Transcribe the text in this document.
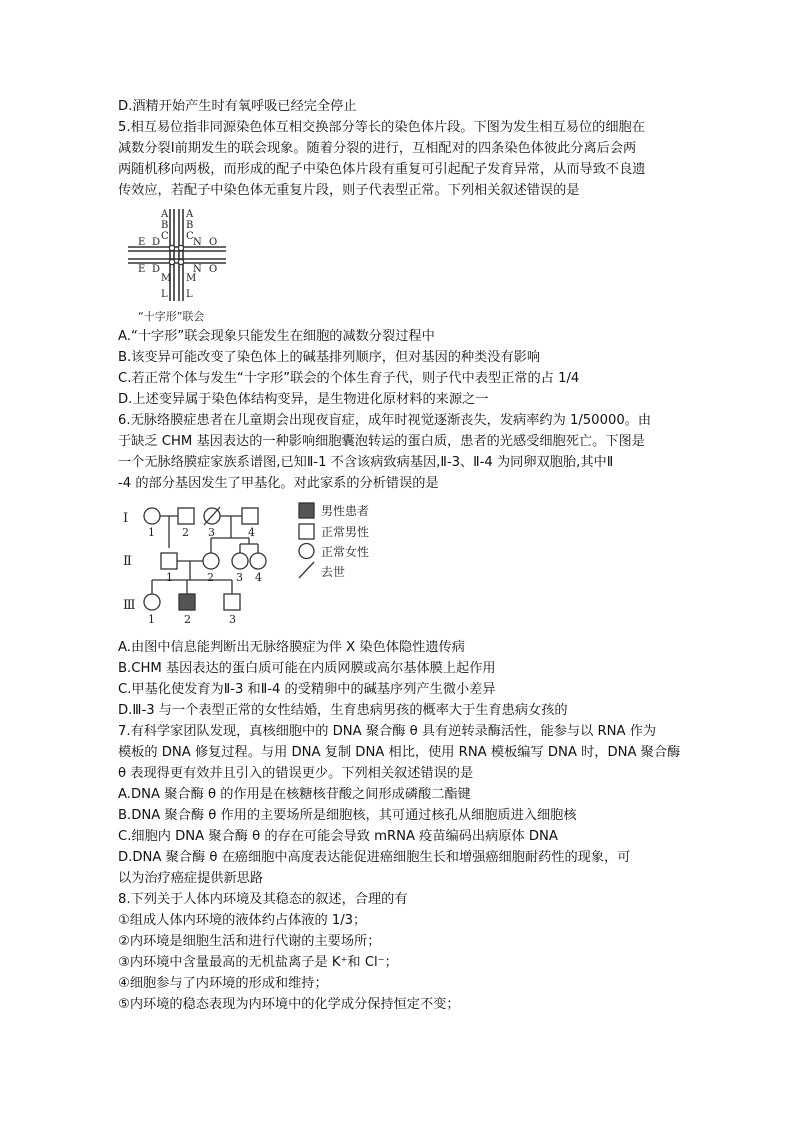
D.酒精开始产生时有氧呼吸已经完全停止
5.相互易位指非同源染色体互相交换部分等长的染色体片段。下图为发生相互易位的细胞在
减数分裂Ⅰ前期发生的联会现象。随着分裂的进行，互相配对的四条染色体彼此分离后会两
两随机移向两极，而形成的配子中染色体片段有重复可引起配子发育异常，从而导致不良遗
传效应，若配子中染色体无重复片段，则子代表型正常。下列相关叙述错误的是
A
B
C
A
B
C
E D
E D
N O
N O
M
L
M
L
“十字形”联会
A.“十字形”联会现象只能发生在细胞的减数分裂过程中
B.该变异可能改变了染色体上的碱基排列顺序，但对基因的种类没有影响
C.若正常个体与发生“十字形”联会的个体生育子代，则子代中表型正常的占 1/4
D.上述变异属于染色体结构变异，是生物进化原材料的来源之一
6.无脉络膜症患者在儿童期会出现夜盲症，成年时视觉逐渐丧失，发病率约为 1/50000。由
于缺乏 CHM 基因表达的一种影响细胞囊泡转运的蛋白质，患者的光感受细胞死亡。下图是
一个无脉络膜症家族系谱图,已知Ⅱ-1 不含该病致病基因,Ⅱ-3、Ⅱ-4 为同卵双胞胎,其中Ⅱ
-4 的部分基因发生了甲基化。对此家系的分析错误的是
Ⅰ
Ⅱ
Ⅲ
1 2 3	4
1	2 3 4
1	2	3
男性患者
正常男性
正常女性
去世
A.由图中信息能判断出无脉络膜症为伴 X 染色体隐性遗传病
B.CHM 基因表达的蛋白质可能在内质网膜或高尔基体膜上起作用
C.甲基化使发育为Ⅱ-3 和Ⅱ-4 的受精卵中的碱基序列产生微小差异
D.Ⅲ-3 与一个表型正常的女性结婚，生育患病男孩的概率大于生育患病女孩的
7.有科学家团队发现，真核细胞中的 DNA 聚合酶 θ 具有逆转录酶活性，能参与以 RNA 作为
模板的 DNA 修复过程。与用 DNA 复制 DNA 相比，使用 RNA 模板编写 DNA 时，DNA 聚合酶
θ 表现得更有效并且引入的错误更少。下列相关叙述错误的是
A.DNA 聚合酶 θ 的作用是在核糖核苷酸之间形成磷酸二酯键
B.DNA 聚合酶 θ 作用的主要场所是细胞核，其可通过核孔从细胞质进入细胞核
C.细胞内 DNA 聚合酶 θ 的存在可能会导致 mRNA 疫苗编码出病原体 DNA
D.DNA 聚合酶 θ 在癌细胞中高度表达能促进癌细胞生长和增强癌细胞耐药性的现象，可
以为治疗癌症提供新思路
8.下列关于人体内环境及其稳态的叙述，合理的有
①组成人体内环境的液体约占体液的 1/3；
②内环境是细胞生活和进行代谢的主要场所；
③内环境中含量最高的无机盐离子是 K⁺和 Cl⁻；
④细胞参与了内环境的形成和维持；
⑤内环境的稳态表现为内环境中的化学成分保持恒定不变；
